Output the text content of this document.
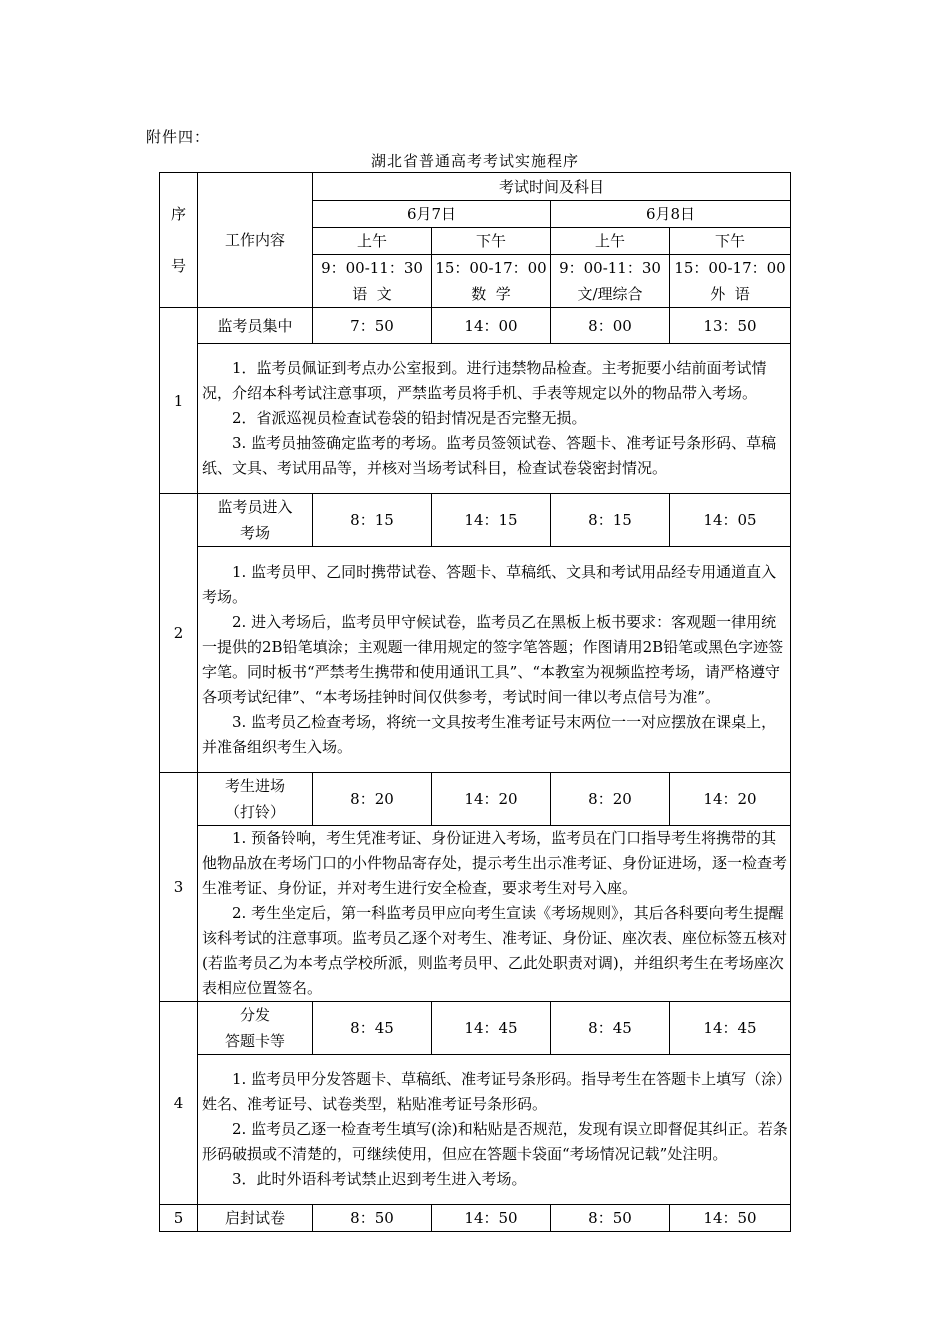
附件四：
湖北省普通高考考试实施程序
序
号	工作内容	考试时间及科目			
		6月7日		6月8日	
		上午	下午	上午	下午
		9：00-11：30	15：00-17：00	9：00-11：30	15：00-17：00
		语  文	数  学	文/理综合	外  语
1	监考员集中	7：50	14：00	8：00	13：50

	1．监考员佩证到考点办公室报到。进行违禁物品检查。主考扼要小结前面考试情况，介绍本科考试注意事项，严禁监考员将手机、手表等规定以外的物品带入考场。

2．省派巡视员检查试卷袋的铅封情况是否完整无损。

3. 监考员抽签确定监考的考场。监考员签领试卷、答题卡、准考证号条形码、草稿纸、文具、考试用品等，并核对当场考试科目，检查试卷袋密封情况。				

2	监考员进入
考场	8：15	14：15	8：15	14：05

	1. 监考员甲、乙同时携带试卷、答题卡、草稿纸、文具和考试用品经专用通道直入考场。

2. 进入考场后，监考员甲守候试卷，监考员乙在黑板上板书要求：客观题一律用统一提供的2B铅笔填涂；主观题一律用规定的签字笔答题；作图请用2B铅笔或黑色字迹签字笔。同时板书“严禁考生携带和使用通讯工具”、“本教室为视频监控考场，请严格遵守各项考试纪律”、“本考场挂钟时间仅供参考，考试时间一律以考点信号为准”。

3. 监考员乙检查考场，将统一文具按考生准考证号末两位一一对应摆放在课桌上，并准备组织考生入场。				

3	考生进场
（打铃）	8：20	14：20	8：20	14：20

	1. 预备铃响，考生凭准考证、身份证进入考场，监考员在门口指导考生将携带的其他物品放在考场门口的小件物品寄存处，提示考生出示准考证、身份证进场，逐一检查考生准考证、身份证，并对考生进行安全检查，要求考生对号入座。

2. 考生坐定后，第一科监考员甲应向考生宣读《考场规则》，其后各科要向考生提醒该科考试的注意事项。监考员乙逐个对考生、准考证、身份证、座次表、座位标签五核对(若监考员乙为本考点学校所派，则监考员甲、乙此处职责对调)，并组织考生在考场座次表相应位置签名。				

4	分发
答题卡等	8：45	14：45	8：45	14：45

	1. 监考员甲分发答题卡、草稿纸、准考证号条形码。指导考生在答题卡上填写（涂）姓名、准考证号、试卷类型，粘贴准考证号条形码。

2. 监考员乙逐一检查考生填写(涂)和粘贴是否规范，发现有误立即督促其纠正。若条形码破损或不清楚的，可继续使用，但应在答题卡袋面“考场情况记载”处注明。

3．此时外语科考试禁止迟到考生进入考场。				

5	启封试卷	8：50	14：50	8：50	14：50
